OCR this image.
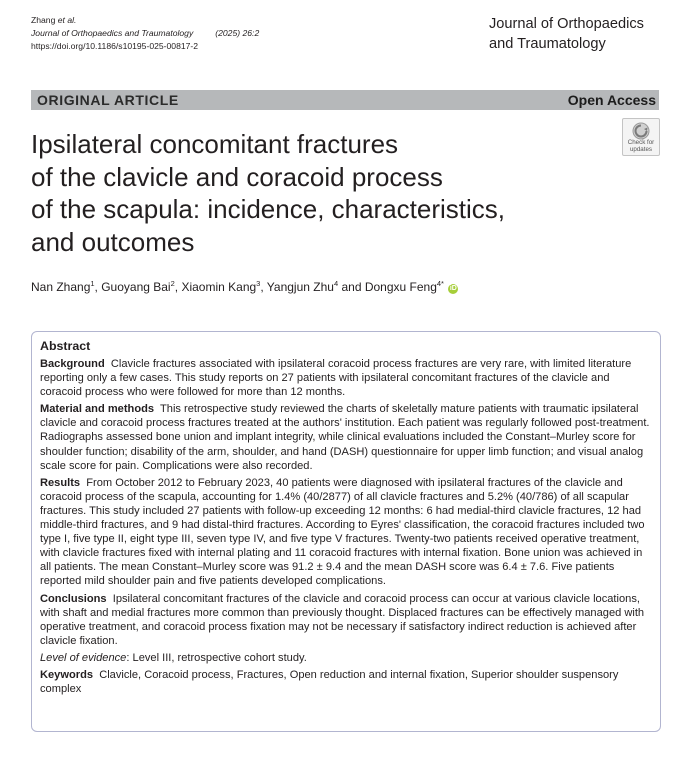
Zhang et al.
Journal of Orthopaedics and Traumatology	(2025) 26:2
https://doi.org/10.1186/s10195-025-00817-2
Journal of Orthopaedics
and Traumatology
ORIGINAL ARTICLE	Open Access
Check for
updates
Ipsilateral concomitant fractures
of the clavicle and coracoid process
of the scapula: incidence, characteristics,
and outcomes
Nan Zhang$^1$, Guoyang Bai$^2$, Xiaomin Kang$^3$, Yangjun Zhu$^4$ and Dongxu Feng$^{4*}$ iD
Abstract

Background Clavicle fractures associated with ipsilateral coracoid process fractures are very rare, with limited literature reporting only a few cases. This study reports on 27 patients with ipsilateral concomitant fractures of the clavicle and coracoid process who were followed for more than 12 months.

Material and methods This retrospective study reviewed the charts of skeletally mature patients with traumatic ipsilateral clavicle and coracoid process fractures treated at the authors' institution. Each patient was regularly followed post-treatment. Radiographs assessed bone union and implant integrity, while clinical evaluations included the Constant–Murley score for shoulder function; disability of the arm, shoulder, and hand (DASH) questionnaire for upper limb function; and visual analog scale score for pain. Complications were also recorded.

Results From October 2012 to February 2023, 40 patients were diagnosed with ipsilateral fractures of the clavicle and coracoid process of the scapula, accounting for 1.4% (40/2877) of all clavicle fractures and 5.2% (40/786) of all scapular fractures. This study included 27 patients with follow-up exceeding 12 months: 6 had medial-third clavicle fractures, 12 had middle-third fractures, and 9 had distal-third fractures. According to Eyres' classification, the coracoid fractures included two type I, five type II, eight type III, seven type IV, and five type V fractures. Twenty-two patients received operative treatment, with clavicle fractures fixed with internal plating and 11 coracoid fractures with internal fixation. Bone union was achieved in all patients. The mean Constant–Murley score was 91.2 ± 9.4 and the mean DASH score was 6.4 ± 7.6. Five patients reported mild shoulder pain and five patients developed complications.

Conclusions Ipsilateral concomitant fractures of the clavicle and coracoid process can occur at various clavicle locations, with shaft and medial fractures more common than previously thought. Displaced fractures can be effectively managed with operative treatment, and coracoid process fixation may not be necessary if satisfactory indirect reduction is achieved after clavicle fixation.

Level of evidence: Level III, retrospective cohort study.

Keywords Clavicle, Coracoid process, Fractures, Open reduction and internal fixation, Superior shoulder suspensory complex
